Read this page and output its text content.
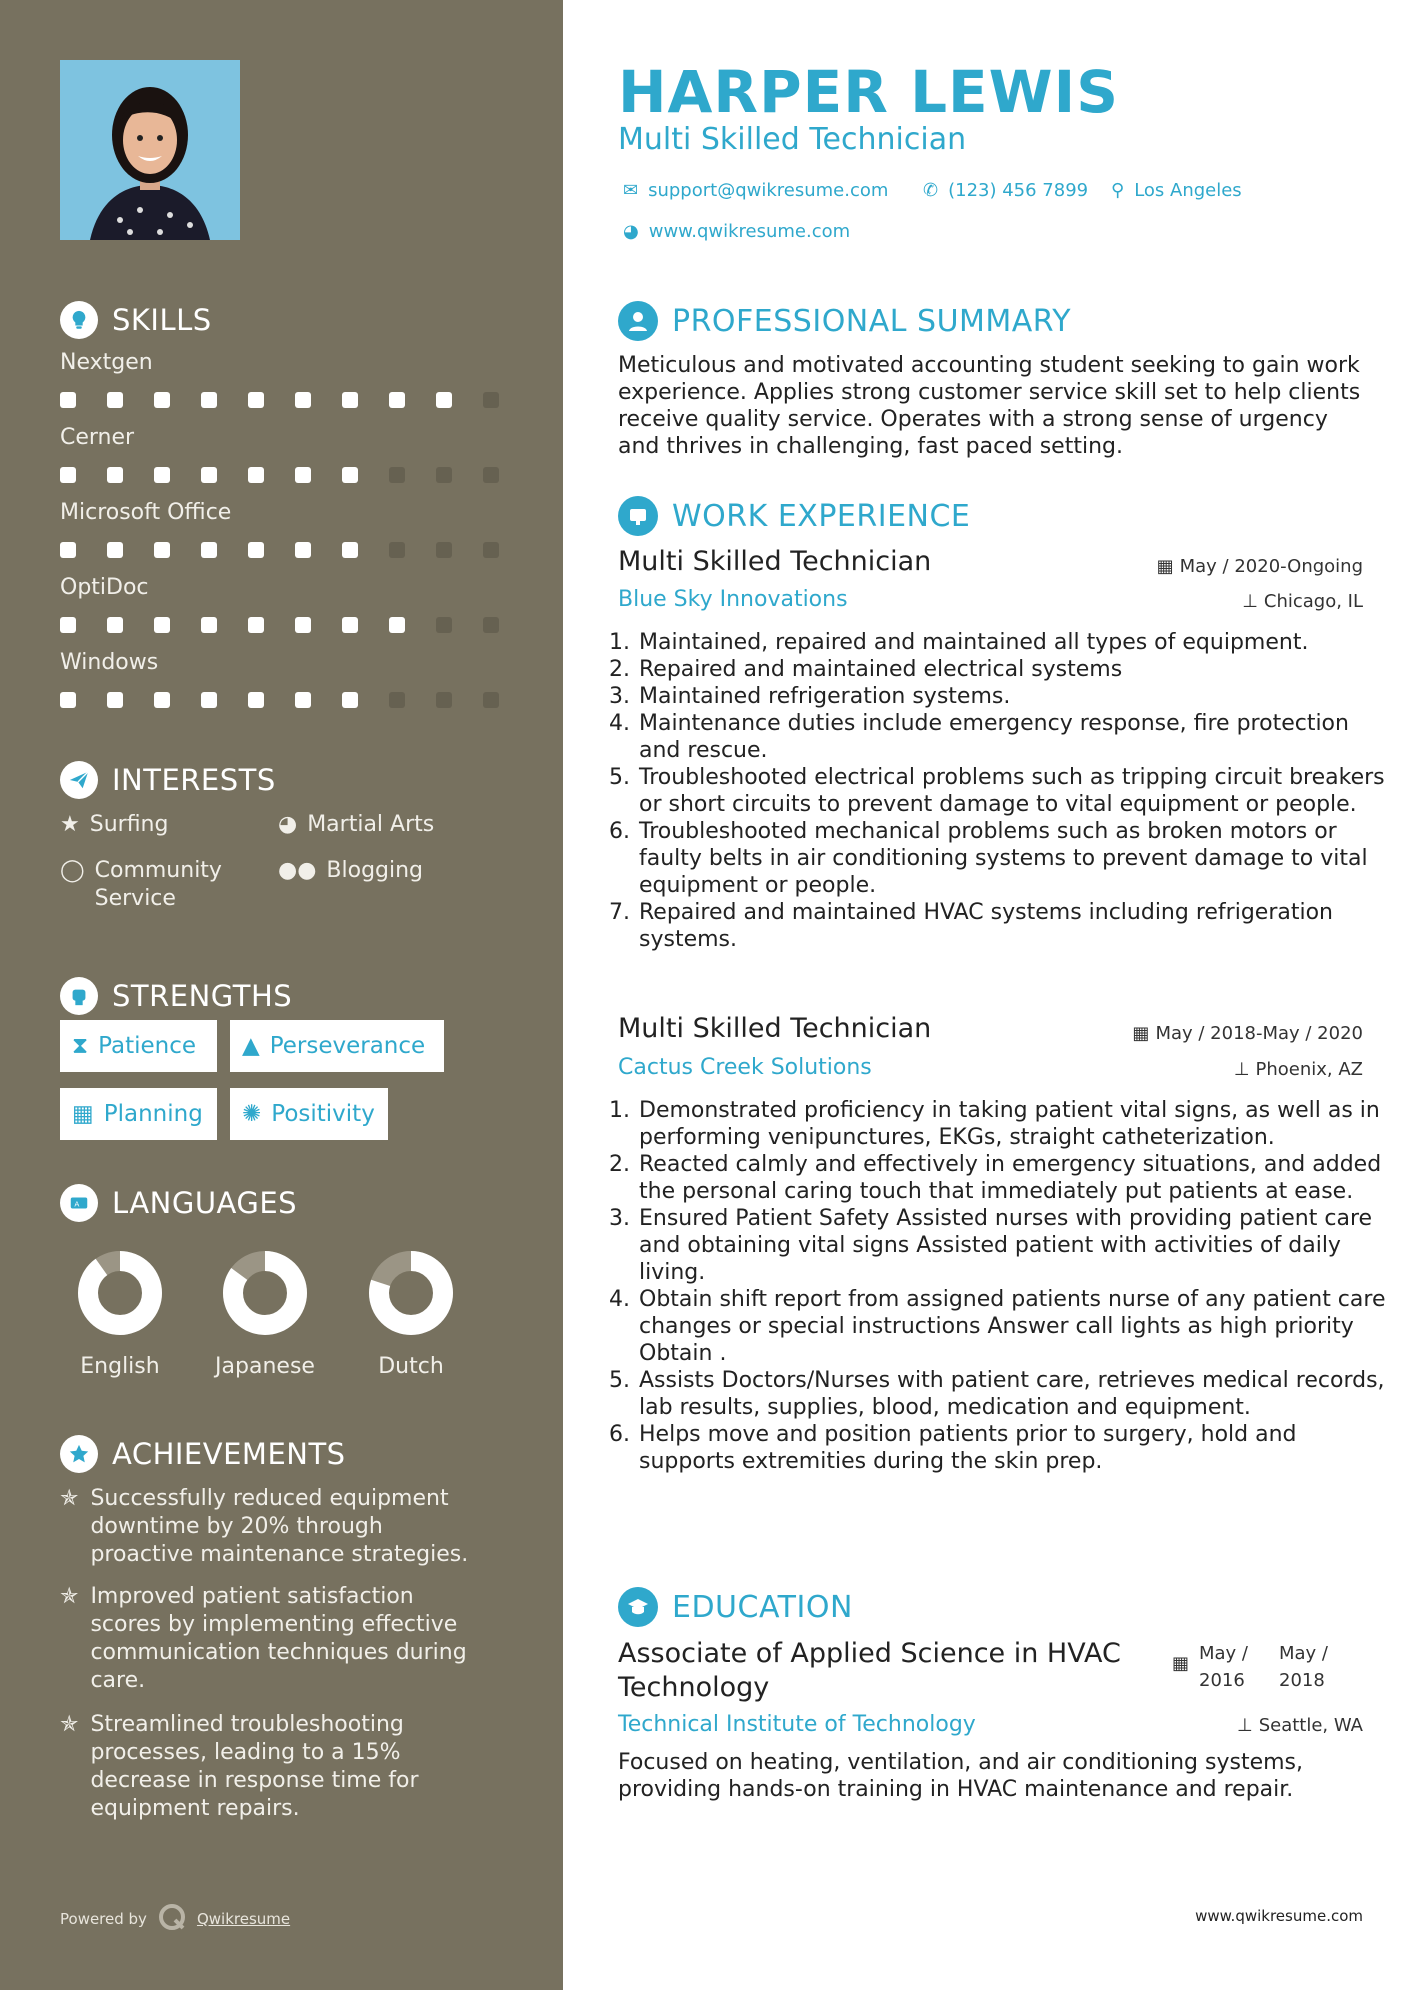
SKILLS
Nextgen
Cerner
Microsoft Office
OptiDoc
Windows
INTERESTS
★ Surfing	◕ Martial Arts
◯ Community Service
●● Blogging
STRENGTHS
⧗ Patience ▲ Perseverance
▦ Planning ✺ Positivity
A LANGUAGES
English	Japanese	Dutch
ACHIEVEMENTS
✯ Successfully reduced equipment downtime by 20% through proactive maintenance strategies.
✯ Improved patient satisfaction scores by implementing effective communication techniques during care.
✯ Streamlined troubleshooting processes, leading to a 15% decrease in response time for equipment repairs.
Powered by	Qwikresume
HARPER LEWIS
Multi Skilled Technician
✉ support@qwikresume.com ✆ (123) 456 7899 ⚲ Los Angeles
◕ www.qwikresume.com
PROFESSIONAL SUMMARY
Meticulous and motivated accounting student seeking to gain work experience. Applies strong customer service skill set to help clients receive quality service. Operates with a strong sense of urgency and thrives in challenging, fast paced setting.
WORK EXPERIENCE
Multi Skilled Technician	▦ May / 2020-Ongoing
Blue Sky Innovations	⊥ Chicago, IL
1. Maintained, repaired and maintained all types of equipment.
2. Repaired and maintained electrical systems
3. Maintained refrigeration systems.
4. Maintenance duties include emergency response, fire protection and rescue.
5. Troubleshooted electrical problems such as tripping circuit breakers or short circuits to prevent damage to vital equipment or people.
6. Troubleshooted mechanical problems such as broken motors or faulty belts in air conditioning systems to prevent damage to vital equipment or people.
7. Repaired and maintained HVAC systems including refrigeration systems.
Multi Skilled Technician	▦ May / 2018-May / 2020
Cactus Creek Solutions	⊥ Phoenix, AZ
1. Demonstrated proficiency in taking patient vital signs, as well as in performing venipunctures, EKGs, straight catheterization.
2. Reacted calmly and effectively in emergency situations, and added the personal caring touch that immediately put patients at ease.
3. Ensured Patient Safety Assisted nurses with providing patient care and obtaining vital signs Assisted patient with activities of daily living.
4. Obtain shift report from assigned patients nurse of any patient care changes or special instructions Answer call lights as high priority Obtain .
5. Assists Doctors/Nurses with patient care, retrieves medical records, lab results, supplies, blood, medication and equipment.
6. Helps move and position patients prior to surgery, hold and supports extremities during the skin prep.
EDUCATION
Associate of Applied Science in HVAC Technology
▦ May / 2016
May / 2018
Technical Institute of Technology	⊥ Seattle, WA
Focused on heating, ventilation, and air conditioning systems, providing hands-on training in HVAC maintenance and repair.
www.qwikresume.com
